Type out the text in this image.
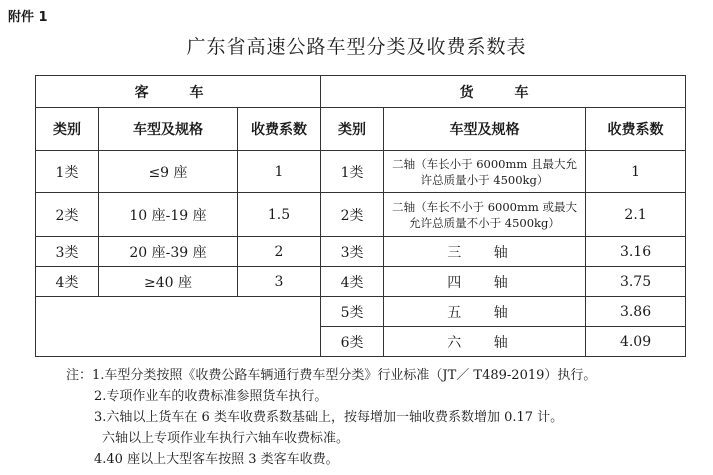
附件 1
广东省高速公路车型分类及收费系数表
客 车			货 车		
类别	车型及规格	收费系数	类别	车型及规格	收费系数
1类	≤9 座	1	1类	二轴（车长小于 6000mm 且最大允许总质量小于 4500kg）	1
2类	10 座-19 座	1.5	2类	二轴（车长不小于 6000mm 或最大允许总质量不小于 4500kg）	2.1
3类	20 座-39 座	2	3类	三 轴	3.16
4类	≥40 座	3	4类	四 轴	3.75
			5类	五 轴	3.86
			6类	六 轴	4.09
注：1.车型分类按照《收费公路车辆通行费车型分类》行业标准（JT／ T489-2019）执行。
2.专项作业车的收费标准参照货车执行。
3.六轴以上货车在 6 类车收费系数基础上，按每增加一轴收费系数增加 0.17 计。
六轴以上专项作业车执行六轴车收费标准。
4.40 座以上大型客车按照 3 类客车收费。
